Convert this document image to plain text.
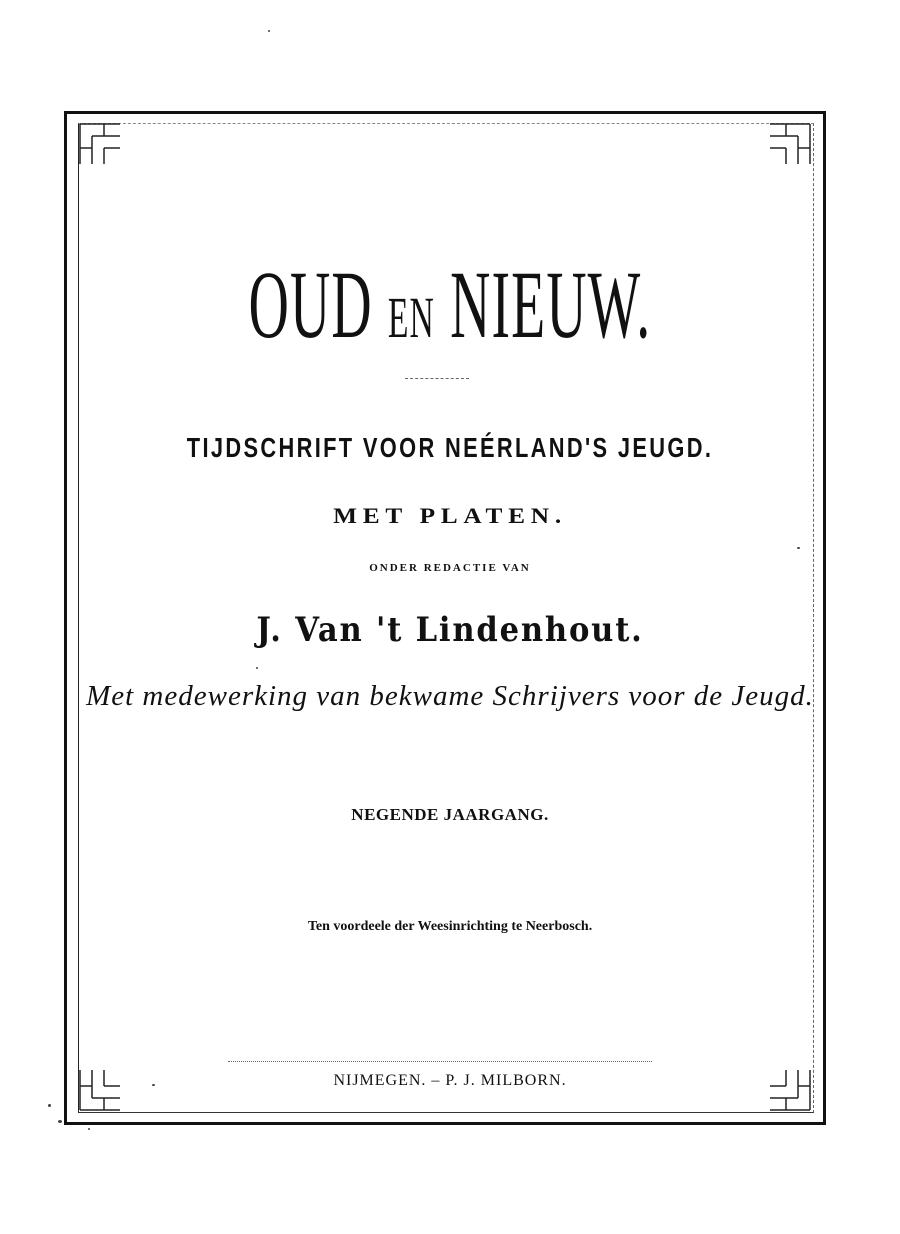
OUD EN NIEUW.
TIJDSCHRIFT VOOR NEÉRLAND'S JEUGD.
MET PLATEN.
ONDER REDACTIE VAN
J. Van 't Lindenhout.
Met medewerking van bekwame Schrijvers voor de Jeugd.
NEGENDE JAARGANG.
Ten voordeele der Weesinrichting te Neerbosch.
NIJMEGEN. – P. J. MILBORN.
